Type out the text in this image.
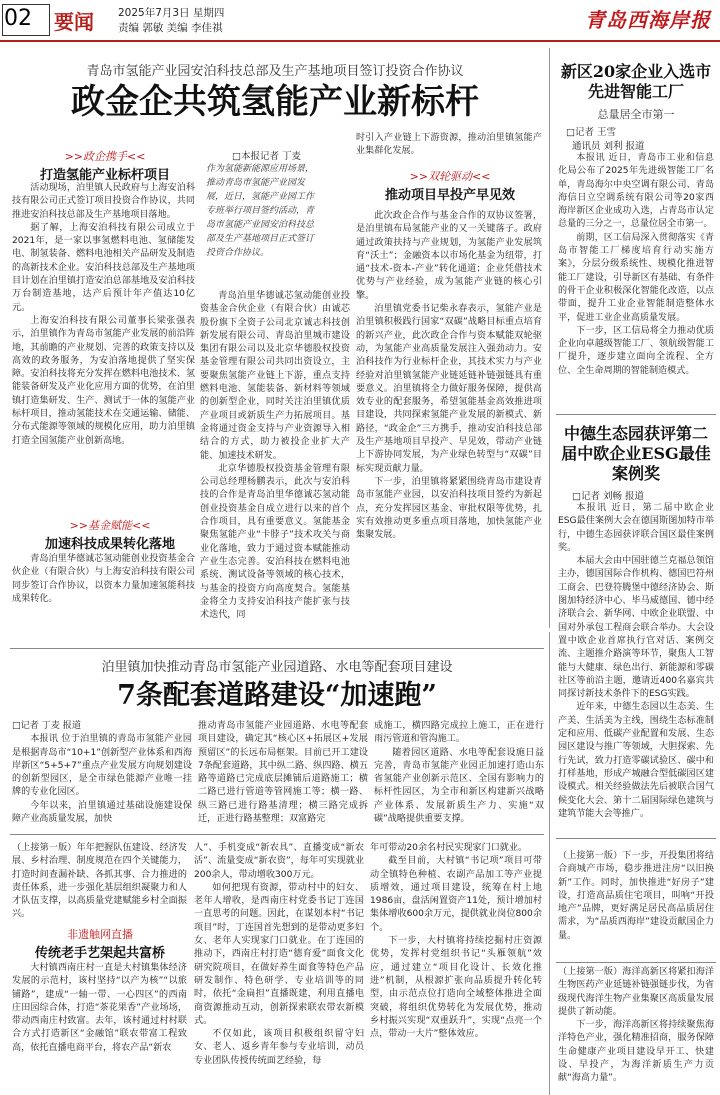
02 要闻 2025年7月3日 星期四
责编 郭敏 美编 李佳祺	青岛西海岸报
青岛市氢能产业园安泊科技总部及生产基地项目签订投资合作协议
政金企共筑氢能产业新标杆
>>政企携手<<
打造氢能产业标杆项目

活动现场，泊里镇人民政府与上海安泊科技有限公司正式签订项目投资合作协议，共同推进安泊科技总部及生产基地项目落地。

据了解，上海安泊科技有限公司成立于2021年，是一家以事氢燃料电池、氢储能发电、制氢装备、燃料电池相关产品研发及制造的高新技术企业。安泊科技总部及生产基地项目计划在泊里镇打造安泊总部基地及安泊科技万台制造基地，达产后预计年产值达10亿元。

上海安泊科技有限公司董事长梁张强表示，泊里镇作为青岛市氢能产业发展的前沿阵地，其前瞻的产业规划、完善的政策支持以及高效的政务服务，为安泊落地提供了坚实保障。安泊科技将充分发挥在燃料电池技术、氢能装备研发及产业化应用方面的优势，在泊里镇打造集研发、生产、测试于一体的氢能产业标杆项目，推动氢能技术在交通运输、储能、分布式能源等领域的规模化应用，助力泊里镇打造全国氢能产业创新高地。

>>基金赋能<<
加速科技成果转化落地

青岛泊里华德诚芯氢动能创业投资基金合伙企业（有限合伙）与上海安泊科技有限公司同步签订合作协议，以资本力量加速氢能科技成果转化。

□本报记者 丁麦
作为氢能新能源应用场景，推动青岛市氢能产业园发展，近日，氢能产业园工作专班举行项目签约活动，青岛市氢能产业园安泊科技总部及生产基地项目正式签订投资合作协议。

青岛泊里华德诚芯氢动能创业投资基金合伙企业（有限合伙）由诚芯股份旗下全资子公司北京诚志科技创新发展有限公司、青岛泊里城市建设集团有限公司以及北京华德股权投资基金管理有限公司共同出资设立，主要聚焦氢能产业链上下游，重点支持燃料电池、氢能装备、新材料等领域的创新型企业，同时关注泊里镇优质产业项目或新质生产力拓展项目。基金将通过资金支持与产业资源导入相结合的方式，助力被投企业扩大产能、加速技术研发。

北京华德股权投资基金管理有限公司总经理杨鹏表示，此次与安泊科技的合作是青岛泊里华德诚芯氢动能创业投资基金自成立进行以来的首个合作项目，具有重要意义。氢能基金聚焦氢能产业“卡脖子”技术攻关与商业化落地，致力于通过资本赋能推动产业生态完善。安泊科技在燃料电池系统、测试设备等领域的核心技术，与基金的投资方向高度契合。氢能基金将全力支持安泊科技产能扩张与技术迭代，同

时引入产业链上下游资源，推动泊里镇氢能产业集群化发展。

>>双轮驱动<<
推动项目早投产早见效

此次政企合作与基金合作的双协议签署，是泊里镇布局氢能产业的又一关键落子。政府通过政策扶持与产业规划，为氢能产业发展筑育“沃土”；金融资本以市场化基金为纽带，打通“技术-资本-产业”转化通道；企业凭借技术优势与产业经验，成为氢能产业链的核心引擎。

泊里镇党委书记柴永春表示，氢能产业是泊里镇积极践行国家“双碳”战略目标重点培育的新兴产业，此次政企合作与资本赋能双轮驱动，为氢能产业高质量发展注入强劲动力。安泊科技作为行业标杆企业，其技术实力与产业经验对泊里镇氢能产业链延链补链强链具有重要意义。泊里镇将全力做好服务保障，提供高效专业的配套服务，希望氢能基金高效推进项目建设，共同探索氢能产业发展的新模式、新路径，“政金企”三方携手，推动安泊科技总部及生产基地项目早投产、早见效，带动产业链上下游协同发展，为产业绿色转型与“双碳”目标实现贡献力量。

下一步，泊里镇将紧紧围绕青岛市建设青岛市氢能产业园，以安泊科技项目签约为新起点，充分发挥园区基金、审批权限等优势，扎实有效推动更多重点项目落地，加快氢能产业集聚发展。

泊里镇加快推动青岛市氢能产业园道路、水电等配套项目建设
7条配套道路建设“加速跑”

□记者 丁麦 报道

本报讯 位于泊里镇的青岛市氢能产业园是根据青岛市“10+1”创新型产业体系和西海岸新区“5+5+7”重点产业发展方向规划建设的创新型园区，是全市绿色能源产业唯一挂牌的专业化园区。

今年以来，泊里镇通过基础设施建设保障产业高质量发展，加快

推动青岛市氢能产业园道路、水电等配套项目建设，确定其“核心区+拓展区+发展预留区”的长远布局框架。目前已开工建设7条配套道路，其中纵二路、纵四路、横五路等道路已完成底层摊铺后道路施工；横二路已进行管道等管网施工等；横一路、纵三路已进行路基清理；横三路完成拆迁，正进行路基整理；双富路完

成施工，横四路完成拉上施工，正在进行雨污管道和管沟施工。

随着园区道路、水电等配套设施日益完善，青岛市氢能产业园正加速打造山东省氢能产业创新示范区、全国有影响力的标杆性园区，为全市和新区构建新兴战略产业体系、发展新质生产力、实施“双碳”战略提供重要支撑。

新区20家企业入选市先进智能工厂
总量居全市第一
□记者 王雪
通讯员 刘利 报道

本报讯 近日，青岛市工业和信息化局公布了2025年先进级智能工厂名单，青岛海尔中央空调有限公司、青岛海信日立空调系统有限公司等20家西海岸新区企业成功入选，占青岛市认定总量的三分之一，总量位居全市第一。

前期，区工信局深入贯彻落实《青岛市智能工厂梯度培育行动实施方案》，分层分级系统性、规模化推进智能工厂建设，引导新区有基础、有条件的骨干企业积极深化智能化改造，以点带面，提升工业企业智能制造整体水平，促进工业企业高质量发展。

下一步，区工信局将全力推动优质企业向卓越级智能工厂、领航级智能工厂提升，逐步建立面向全流程、全方位、全生命周期的智能制造模式。

中德生态园获评第二届中欧企业ESG最佳案例奖
□记者 刘畅 报道

本报讯 近日，第二届中欧企业ESG最佳案例大会在德国斯图加特市举行，中德生态园获评联合国区最佳案例奖。

本届大会由中国驻德兰克福总领馆主办，德国国际合作机构、德国巴符州工商会、巴登符腾堡中德经济协会、斯图加特经济中心、毕马威德国、德中经济联合会、新华网、中欧企业联盟、中国对外承包工程商会联合举办。大会设置中欧企业首席执行官对话、案例交流、主题推介路演等环节，聚焦人工智能与大健康、绿色出行、新能源和零碳社区等前沿主题，邀请近400名嘉宾共同探讨新技术条件下的ESG实践。

近年来，中德生态园以生态美、生产美、生活美为主线，围绕生态标准制定和应用、低碳产业配置和发展、生态园区建设与推广等领域，大胆探索、先行先试，致力打造零碳试验区、碳中和打样基地，形成产城融合型低碳园区建设模式。相关经验做法先后被联合国气候变化大会、第十二届国际绿色建筑与建筑节能大会等推广。

（上接第一版）年年把握队伍建设、经济发展、乡村治理、制度规范在四个关键能力，打造时间查漏补缺、各抓其事、合力推进的责任体系，进一步强化基层组织凝聚力和人才队伍支撑，以高质量党建赋能乡村全面振兴。

非遗触网直播
传统老手艺架起共富桥

大村镇西南庄村一直是大村镇集体经济发展的示范村，该村坚持“以产为核”“以旅铺路”，建成“一轴一带、一心四区”的西南庄田园综合体，打造“茶花果香”产业场场，带动西南庄村致富。去年，该村通过村村联合方式打造新区“金融馆”联农带富工程致高，依托直播电商平台，将农产品“新农

人”、手机变成“新农具”、直播变成“新农活”、流量变成“新农资”，每年可实现就业200余人，带动增收300万元。

如何把现有资源，带动村中的妇女、老年人增收，是西南庄村党委书记丁连国一直思考的问题。因此，在谋划本村“书记项目”时，丁连国首先想到的是带动更多妇女、老年人实现家门口就业。在丁连国的推动下，西南庄村打造“德育爱”面食文化研究院项目，在做好养生面食等特色产品研发制作、特色研学、专业培训等的同时，依托“金扁担”直播既建，利用直播电商资源推动互动，创新探索联农带农新模式。

不仅如此，该项目积极组织留守妇女、老人、返乡青年参与专业培训，动员专业团队传授传统面艺经验，每

年可带动20余名村民实现家门口就业。

截至目前，大村镇“书记项”项目可带动全镇特色种植、农副产品加工等产业提质增效，通过项目建设，统筹在村上地1986亩，盘活闲置资产11处，预计增加村集体增收600余万元，提供就业岗位800余个。

下一步，大村镇将持续挖掘村庄资源优势，发挥村党组织书记“头雁领航”效应，通过建立“项目化设计、长效化推进”机制，从根源扩张向品质提升转化转型，由示范点位打造向全域整体推进全面突破，将组织优势转化为发展优势，推动乡村振兴实现“双重跃升”，实现“点亮一个点，带动一大片”整体效应。

（上接第一版）下一步，开投集团将结合商城产市场，稳步推进注房“以旧换新”工作。同时，加快推进“好房子”建设，打造高品质住宅项目，叫响“开投地产”品牌，更好满足居民高品质居住需求，为“品质西海岸”建设贡献国企力量。

（上接第一版）海洋高新区将紧扣海洋生物医药产业延链补链强链步伐，为省级现代海洋生物产业集聚区高质量发展提供了新动能。

下一步，海洋高新区将持续聚焦海洋特色产业，强化精准招商，服务保障生命健康产业项目建设早开工、快建设、早投产，为海洋新质生产力贡献“海高力量”。
